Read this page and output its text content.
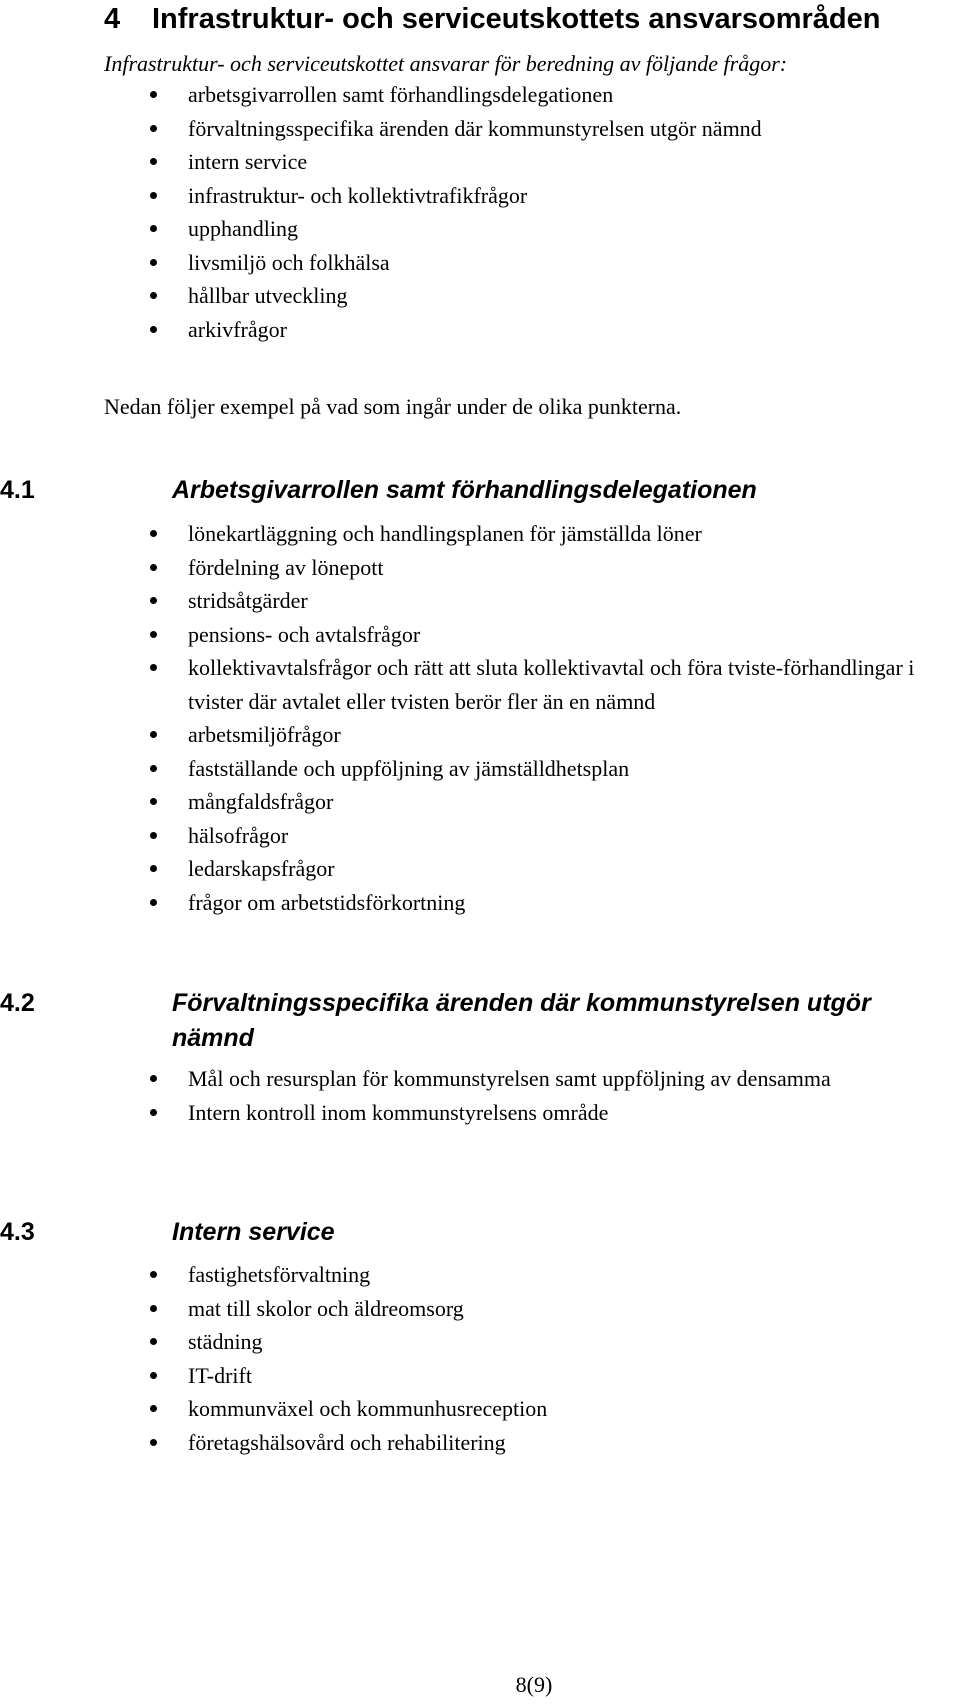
4 Infrastruktur- och serviceutskottets ansvarsområden
Infrastruktur- och serviceutskottet ansvarar för beredning av följande frågor:
arbetsgivarrollen samt förhandlingsdelegationen
förvaltningsspecifika ärenden där kommunstyrelsen utgör nämnd
intern service
infrastruktur- och kollektivtrafikfrågor
upphandling
livsmiljö och folkhälsa
hållbar utveckling
arkivfrågor
Nedan följer exempel på vad som ingår under de olika punkterna.
4.1	Arbetsgivarrollen samt förhandlingsdelegationen
lönekartläggning och handlingsplanen för jämställda löner
fördelning av lönepott
stridsåtgärder
pensions- och avtalsfrågor
kollektivavtalsfrågor och rätt att sluta kollektivavtal och föra tviste-förhandlingar i tvister där avtalet eller tvisten berör fler än en nämnd
arbetsmiljöfrågor
fastställande och uppföljning av jämställdhetsplan
mångfaldsfrågor
hälsofrågor
ledarskapsfrågor
frågor om arbetstidsförkortning
4.2	Förvaltningsspecifika ärenden där kommunstyrelsen utgör nämnd
Mål och resursplan för kommunstyrelsen samt uppföljning av densamma
Intern kontroll inom kommunstyrelsens område
4.3	Intern service
fastighetsförvaltning
mat till skolor och äldreomsorg
städning
IT-drift
kommunväxel och kommunhusreception
företagshälsovård och rehabilitering
8(9)
